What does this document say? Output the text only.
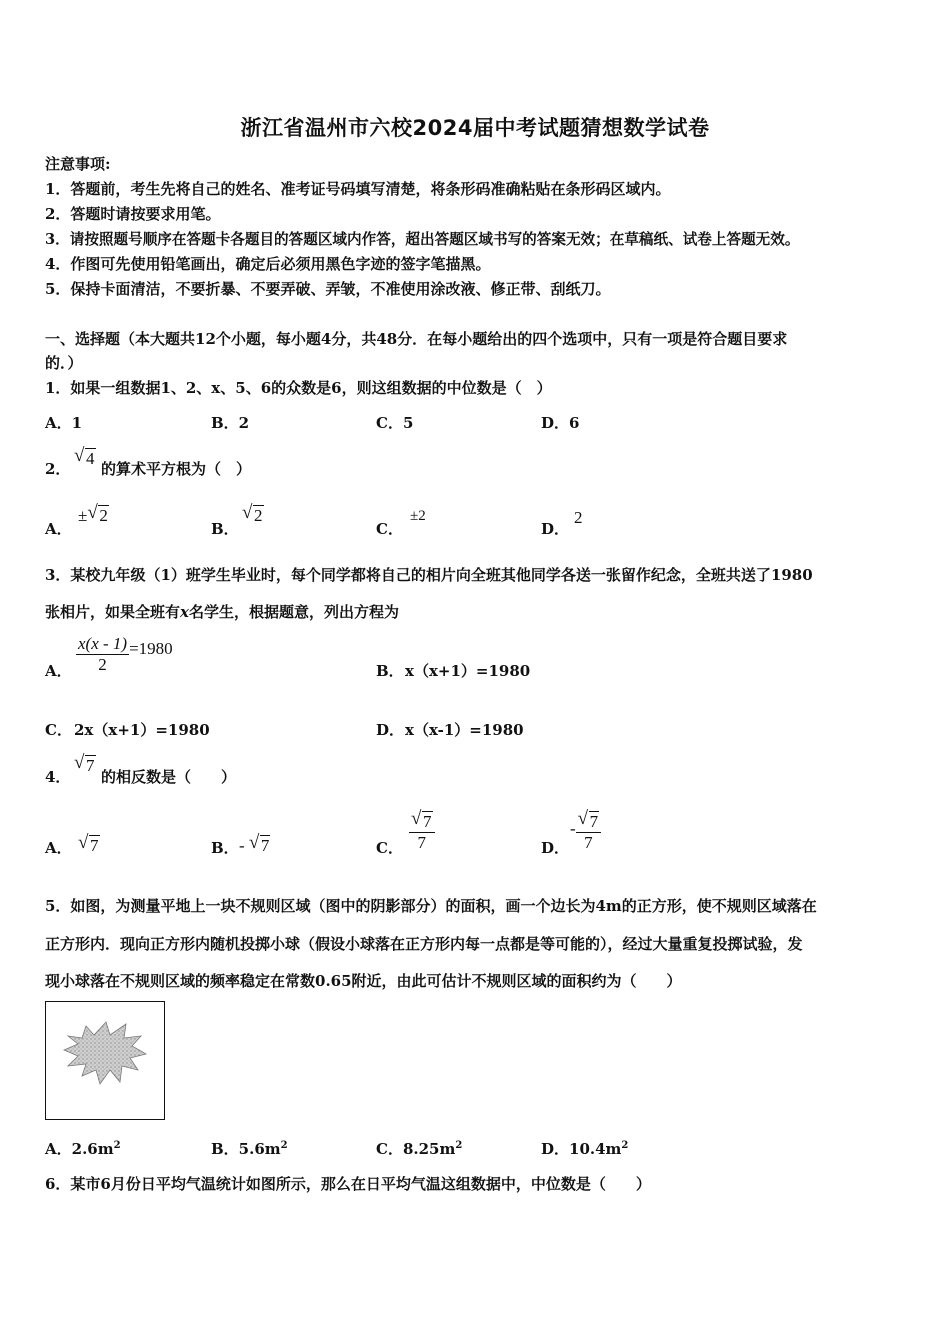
浙江省温州市六校2024届中考试题猜想数学试卷
注意事项:
1．答题前，考生先将自己的姓名、准考证号码填写清楚，将条形码准确粘贴在条形码区域内。
2．答题时请按要求用笔。
3．请按照题号顺序在答题卡各题目的答题区域内作答，超出答题区域书写的答案无效；在草稿纸、试卷上答题无效。
4．作图可先使用铅笔画出，确定后必须用黑色字迹的签字笔描黑。
5．保持卡面清洁，不要折暴、不要弄破、弄皱，不准使用涂改液、修正带、刮纸刀。
一、选择题（本大题共12个小题，每小题4分，共48分．在每小题给出的四个选项中，只有一项是符合题目要求
的．）
1．如果一组数据1、2、x、5、6的众数是6，则这组数据的中位数是（　）
A．1	B．2	C．5	D．6
2．
√ 4
的算术平方根为（　）
A．
± √ 2
B．
√ 2
C．
±2
D．
2
3．某校九年级（1）班学生毕业时，每个同学都将自己的相片向全班其他同学各送一张留作纪念，全班共送了1980
张相片，如果全班有x名学生，根据题意，列出方程为
A． $\frac{x(x - 1)}{2} =1980$
B． x（x+1）=1980
C． 2x（x+1）=1980	D． x（x-1）=1980
4．
√ 7
的相反数是（　　）
A． √ 7	B． - √ 7	C． $\frac{√ 7}{7}$	D．
- $\frac{√ 7}{7}$
5．如图，为测量平地上一块不规则区域（图中的阴影部分）的面积，画一个边长为4m的正方形，使不规则区域落在
正方形内．现向正方形内随机投掷小球（假设小球落在正方形内每一点都是等可能的），经过大量重复投掷试验，发
现小球落在不规则区域的频率稳定在常数0.65附近，由此可估计不规则区域的面积约为（　　）
A．$2.6m^2$	B．$5.6m^2$	C．$8.25m^2$	D．$10.4m^2$
6．某市6月份日平均气温统计如图所示，那么在日平均气温这组数据中，中位数是（　　）
